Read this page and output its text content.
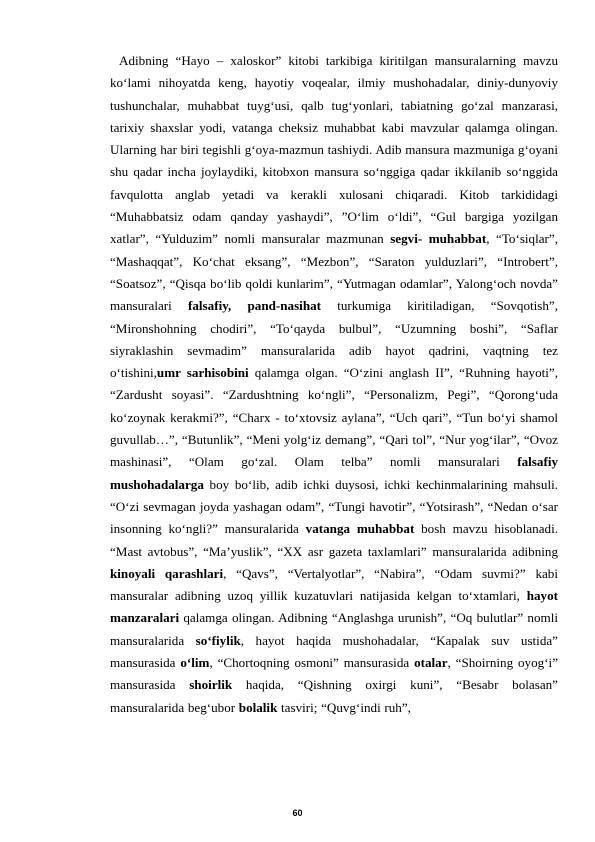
Adibning “Hayo – xaloskor” kitobi tarkibiga kiritilgan mansuralarning mavzu koʻlami nihoyatda keng, hayotiy voqealar, ilmiy mushohadalar, diniy-dunyoviy tushunchalar, muhabbat tuygʻusi, qalb tugʻyonlari, tabiatning goʻzal manzarasi, tarixiy shaxslar yodi, vatanga cheksiz muhabbat kabi mavzular qalamga olingan. Ularning har biri tegishli gʻoya-mazmun tashiydi. Adib mansura mazmuniga gʻoyani shu qadar incha joylaydiki, kitobxon mansura soʻnggiga qadar ikkilanib soʻnggida favqulotta anglab yetadi va kerakli xulosani chiqaradi. Kitob tarkididagi “Muhabbatsiz odam qanday yashaydi”, ”Oʻlim oʻldi”, “Gul bargiga yozilgan xatlar”, “Yulduzim” nomli mansuralar mazmunan segvi- muhabbat, “Toʻsiqlar”, “Mashaqqat”, Koʻchat eksang”, “Mezbon”, “Saraton yulduzlari”, “Introbert”, “Soatsoz”, “Qisqa boʻlib qoldi kunlarim”, “Yutmagan odamlar”, Yalongʻoch novda” mansuralari falsafiy, pand-nasihat turkumiga kiritiladigan, “Sovqotish”, “Mironshohning chodiri”, “Toʻqayda bulbul”, “Uzumning boshi”, “Saflar siyraklashin sevmadim” mansuralarida adib hayot qadrini, vaqtning tez oʻtishini,umr sarhisobini qalamga olgan. “Oʻzini anglash II”, “Ruhning hayoti”, “Zardusht soyasi”. “Zardushtning koʻngli”, “Personalizm, Pegi”, “Qorongʻuda koʻzoynak kerakmi?”, “Charx - toʻxtovsiz aylana”, “Uch qari”, “Tun boʻyi shamol guvullab…”, “Butunlik”, “Meni yolgʻiz demang”, “Qari tol”, “Nur yogʻilar”, “Ovoz mashinasi”, “Olam goʻzal. Olam telba” nomli mansuralari falsafiy mushohadalarga boy boʻlib, adib ichki duysosi, ichki kechinmalarining mahsuli. “Oʻzi sevmagan joyda yashagan odam”, “Tungi havotir”, “Yotsirash”, “Nedan oʻsar insonning koʻngli?” mansuralarida vatanga muhabbat bosh mavzu hisoblanadi. “Mast avtobus”, “Maʼyuslik”, “XX asr gazeta taxlamlari” mansuralarida adibning kinoyali qarashlari, “Qavs”, “Vertalyotlar”, “Nabira”, “Odam suvmi?” kabi mansuralar adibning uzoq yillik kuzatuvlari natijasida kelgan toʻxtamlari, hayot manzaralari qalamga olingan. Adibning “Anglashga urunish”, “Oq bulutlar” nomli mansuralarida soʻfiylik, hayot haqida mushohadalar, “Kapalak suv ustida” mansurasida oʻlim, “Chortoqning osmoni” mansurasida otalar, “Shoirning oyogʻi” mansurasida shoirlik haqida, “Qishning oxirgi kuni”, “Besabr bolasan” mansuralarida begʻubor bolalik tasviri; “Quvgʻindi ruh”,

60
